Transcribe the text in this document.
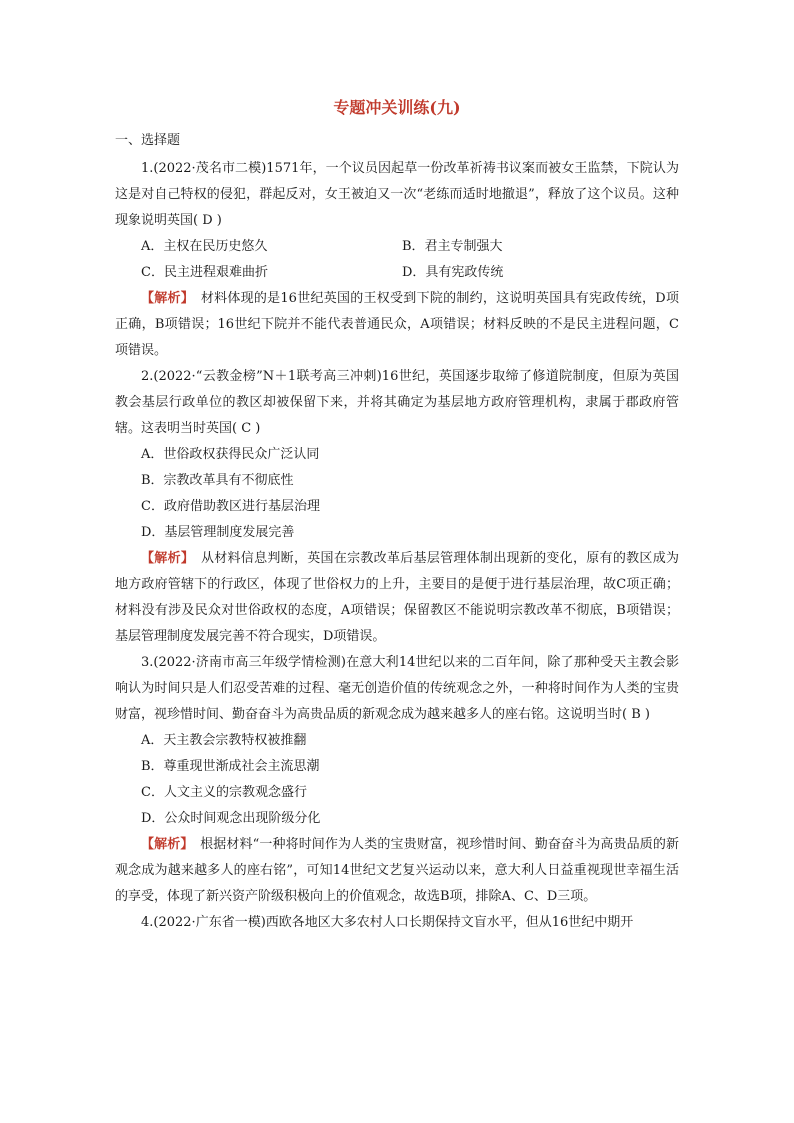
专题冲关训练(九)
一、选择题

1.(2022·茂名市二模)1571年，一个议员因起草一份改革祈祷书议案而被女王监禁，下院认为这是对自己特权的侵犯，群起反对，女王被迫又一次“老练而适时地撤退”，释放了这个议员。这种现象说明英国( D )

A．主权在民历史悠久	B．君主专制强大
C．民主进程艰难曲折	D．具有宪政传统

【解析】　 材料体现的是16世纪英国的王权受到下院的制约，这说明英国具有宪政传统，D项正确，B项错误；16世纪下院并不能代表普通民众，A项错误；材料反映的不是民主进程问题，C项错误。

2.(2022·“云教金榜”N＋1联考高三冲刺)16世纪，英国逐步取缔了修道院制度，但原为英国教会基层行政单位的教区却被保留下来，并将其确定为基层地方政府管理机构，隶属于郡政府管辖。这表明当时英国( C )

A．世俗政权获得民众广泛认同
B．宗教改革具有不彻底性
C．政府借助教区进行基层治理
D．基层管理制度发展完善

【解析】　 从材料信息判断，英国在宗教改革后基层管理体制出现新的变化，原有的教区成为地方政府管辖下的行政区，体现了世俗权力的上升，主要目的是便于进行基层治理，故C项正确；材料没有涉及民众对世俗政权的态度，A项错误；保留教区不能说明宗教改革不彻底，B项错误；基层管理制度发展完善不符合现实，D项错误。

3.(2022·济南市高三年级学情检测)在意大利14世纪以来的二百年间，除了那种受天主教会影响认为时间只是人们忍受苦难的过程、毫无创造价值的传统观念之外，一种将时间作为人类的宝贵财富，视珍惜时间、勤奋奋斗为高贵品质的新观念成为越来越多人的座右铭。这说明当时( B )

A．天主教会宗教特权被推翻
B．尊重现世渐成社会主流思潮
C．人文主义的宗教观念盛行
D．公众时间观念出现阶级分化

【解析】　 根据材料“一种将时间作为人类的宝贵财富，视珍惜时间、勤奋奋斗为高贵品质的新观念成为越来越多人的座右铭”，可知14世纪文艺复兴运动以来，意大利人日益重视现世幸福生活的享受，体现了新兴资产阶级积极向上的价值观念，故选B项，排除A、C、D三项。

4.(2022·广东省一模)西欧各地区大多农村人口长期保持文盲水平，但从16世纪中期开
